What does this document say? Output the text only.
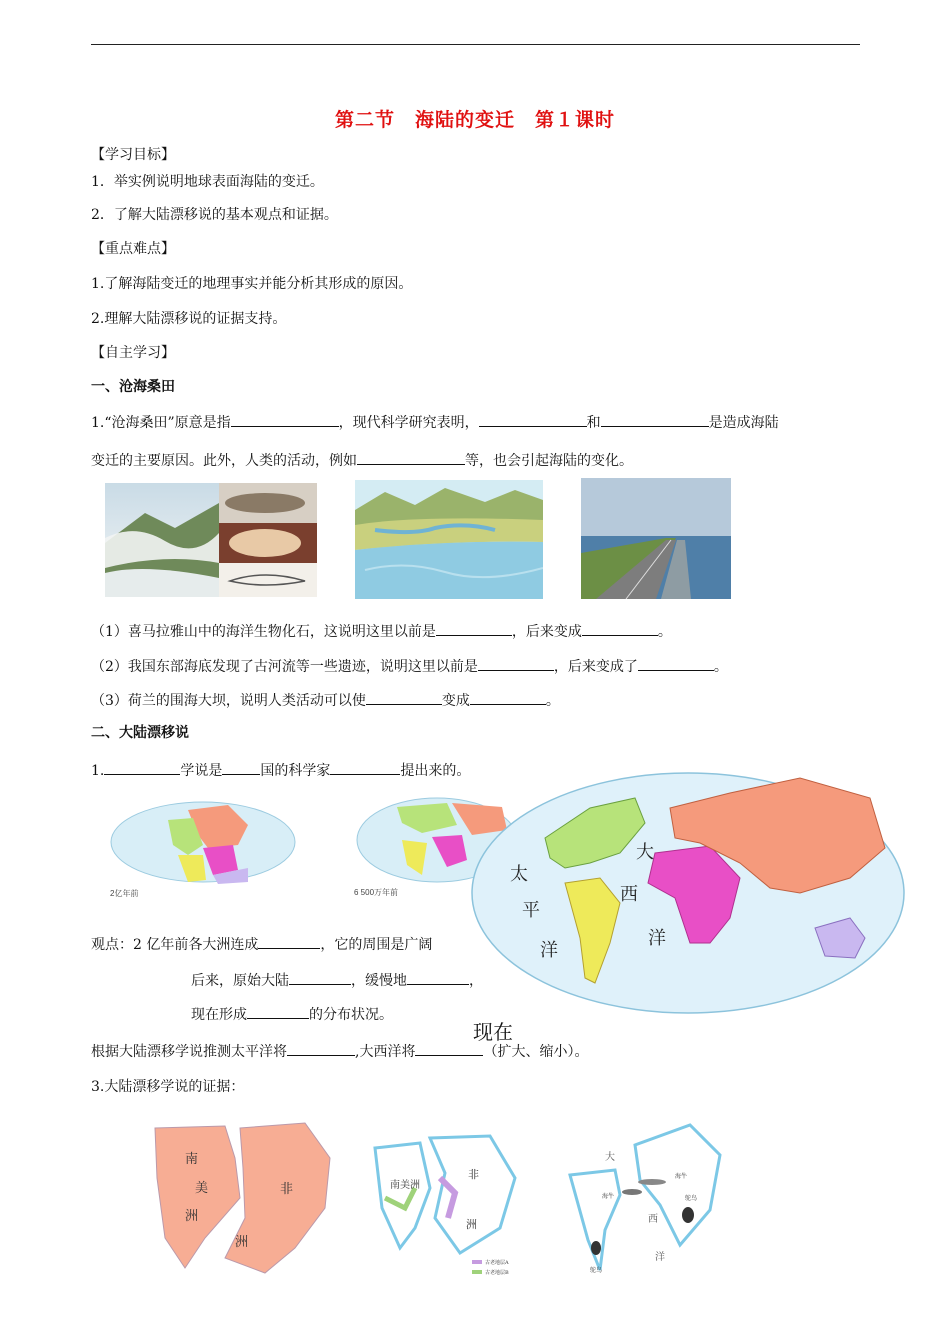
第二节　海陆的变迁　第１课时
【学习目标】
1．举实例说明地球表面海陆的变迁。
2．了解大陆漂移说的基本观点和证据。
【重点难点】
1.了解海陆变迁的地理事实并能分析其形成的原因。
2.理解大陆漂移说的证据支持。
【自主学习】
一、沧海桑田
1.“沧海桑田”原意是指	，现代科学研究表明，	和	是造成海陆
变迁的主要原因。此外，人类的活动，例如	等，也会引起海陆的变化。
（1）喜马拉雅山中的海洋生物化石，这说明这里以前是	，后来变成	。
（2）我国东部海底发现了古河流等一些遗迹，说明这里以前是	，后来变成了	。
（3）荷兰的围海大坝，说明人类活动可以使	变成	。
二、大陆漂移说
1.	学说是	国的科学家	提出来的。
2亿年前	6 500万年前
观点：2 亿年前各大洲连成	，它的周围是广阔
后来，原始大陆	，缓慢地	，
现在形成	的分布状况。
根据大陆漂移学说推测太平洋将	,大西洋将	（扩大、缩小）。
太
平
洋
大
西
洋
现在
3.大陆漂移学说的证据：
南
美
洲
非
洲
南美洲
非
洲
古老地层A
古老地层B
大
西
洋
海牛
海牛	鸵鸟
鸵鸟
